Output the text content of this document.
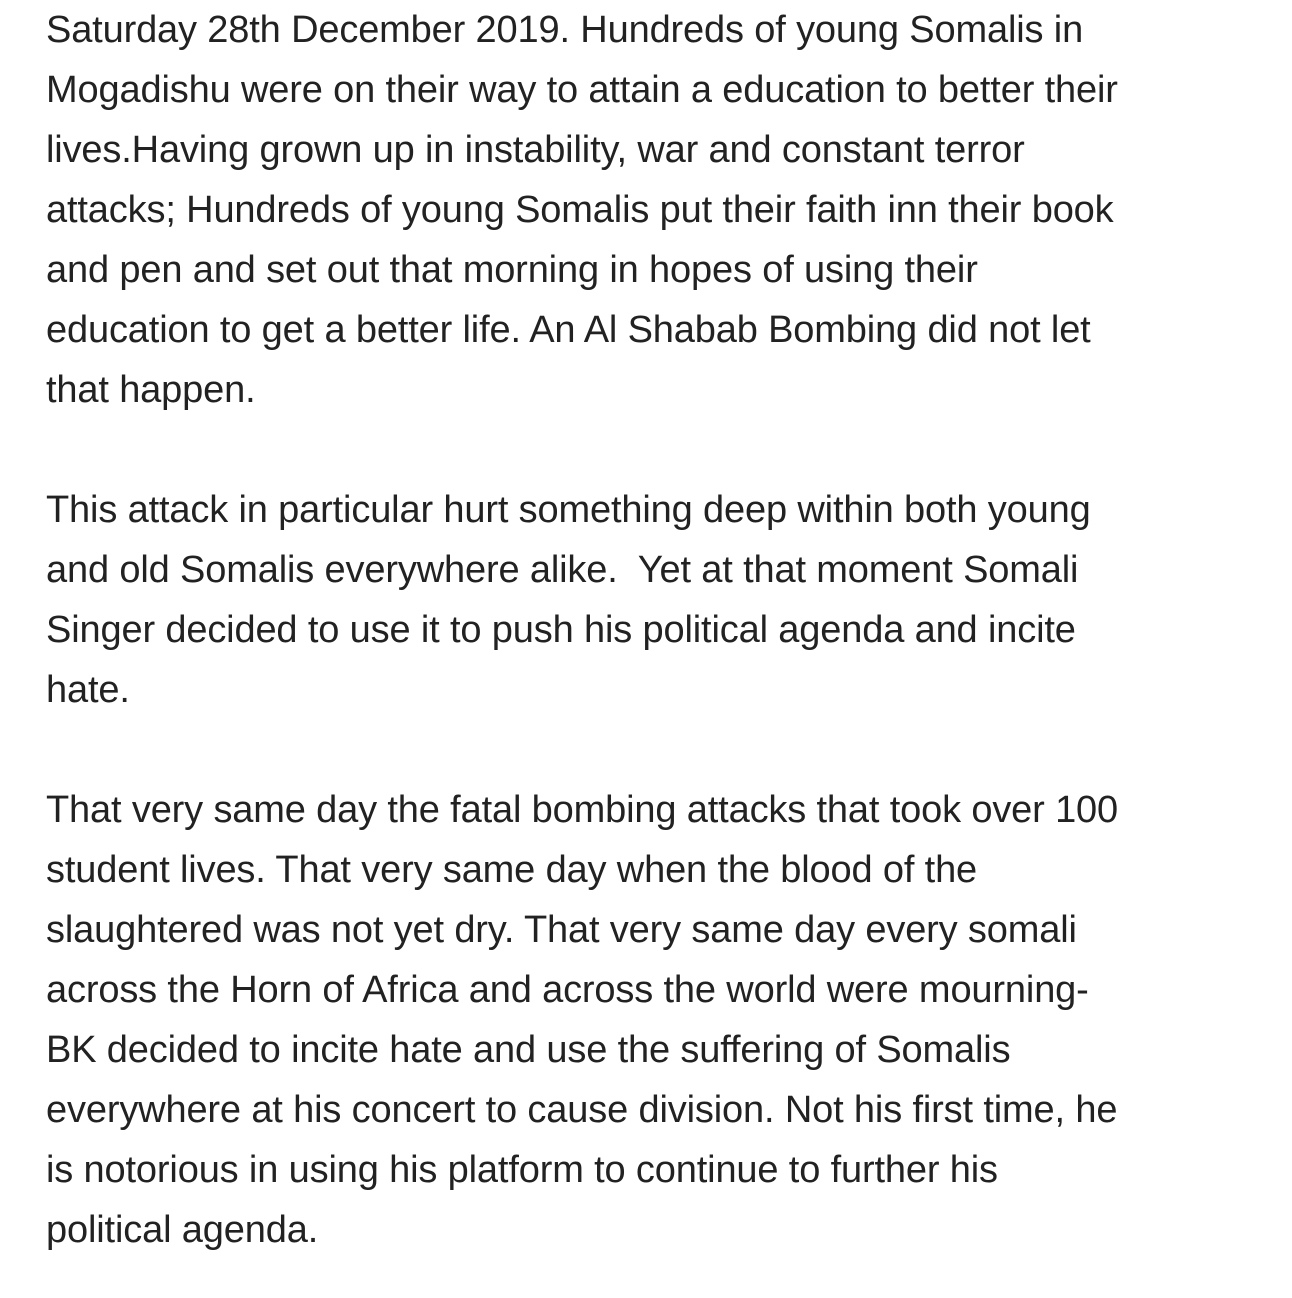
Saturday 28th December 2019. Hundreds of young Somalis in
Mogadishu were on their way to attain a education to better their
lives.Having grown up in instability, war and constant terror
attacks; Hundreds of young Somalis put their faith inn their book
and pen and set out that morning in hopes of using their
education to get a better life. An Al Shabab Bombing did not let
that happen.

This attack in particular hurt something deep within both young
and old Somalis everywhere alike.  Yet at that moment Somali
Singer decided to use it to push his political agenda and incite
hate.

That very same day the fatal bombing attacks that took over 100
student lives. That very same day when the blood of the
slaughtered was not yet dry. That very same day every somali
across the Horn of Africa and across the world were mourning-
BK decided to incite hate and use the suffering of Somalis
everywhere at his concert to cause division. Not his first time, he
is notorious in using his platform to continue to further his
political agenda.
